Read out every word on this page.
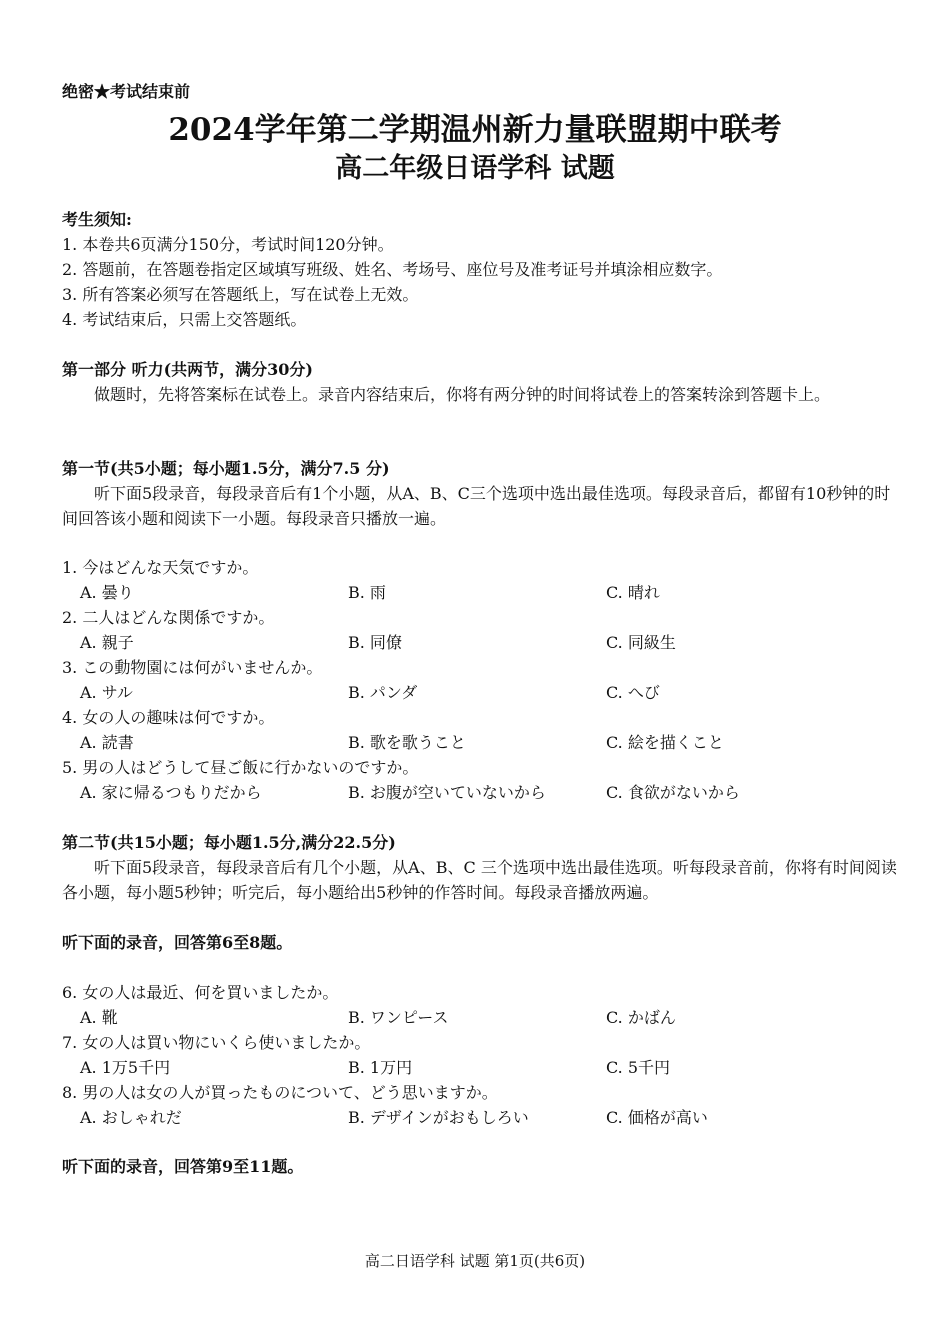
绝密★考试结束前
2024学年第二学期温州新力量联盟期中联考
高二年级日语学科 试题
考生须知:
1. 本卷共6页满分150分，考试时间120分钟。
2. 答题前，在答题卷指定区域填写班级、姓名、考场号、座位号及准考证号并填涂相应数字。
3. 所有答案必须写在答题纸上，写在试卷上无效。
4. 考试结束后，只需上交答题纸。
第一部分 听力(共两节，满分30分)
做题时，先将答案标在试卷上。录音内容结束后，你将有两分钟的时间将试卷上的答案转涂到答题卡上。
第一节(共5小题；每小题1.5分，满分7.5 分)
听下面5段录音，每段录音后有1个小题，从A、B、C三个选项中选出最佳选项。每段录音后，都留有10秒钟的时间回答该小题和阅读下一小题。每段录音只播放一遍。
1. 今はどんな天気ですか。
A. 曇り	B. 雨	C. 晴れ
2. 二人はどんな関係ですか。
A. 親子	B. 同僚	C. 同級生
3. この動物園には何がいませんか。
A. サル	B. パンダ	C. へび
4. 女の人の趣味は何ですか。
A. 読書	B. 歌を歌うこと	C. 絵を描くこと
5. 男の人はどうして昼ご飯に行かないのですか。
A. 家に帰るつもりだから	B. お腹が空いていないから	C. 食欲がないから
第二节(共15小题；每小题1.5分,满分22.5分)
听下面5段录音，每段录音后有几个小题，从A、B、C 三个选项中选出最佳选项。听每段录音前，你将有时间阅读各小题，每小题5秒钟；听完后，每小题给出5秒钟的作答时间。每段录音播放两遍。
听下面的录音，回答第6至8题。
6. 女の人は最近、何を買いましたか。
A. 靴	B. ワンピース	C. かばん
7. 女の人は買い物にいくら使いましたか。
A. 1万5千円	B. 1万円	C. 5千円
8. 男の人は女の人が買ったものについて、どう思いますか。
A. おしゃれだ	B. デザインがおもしろい	C. 価格が高い
听下面的录音，回答第9至11题。
高二日语学科 试题 第1页(共6页)
